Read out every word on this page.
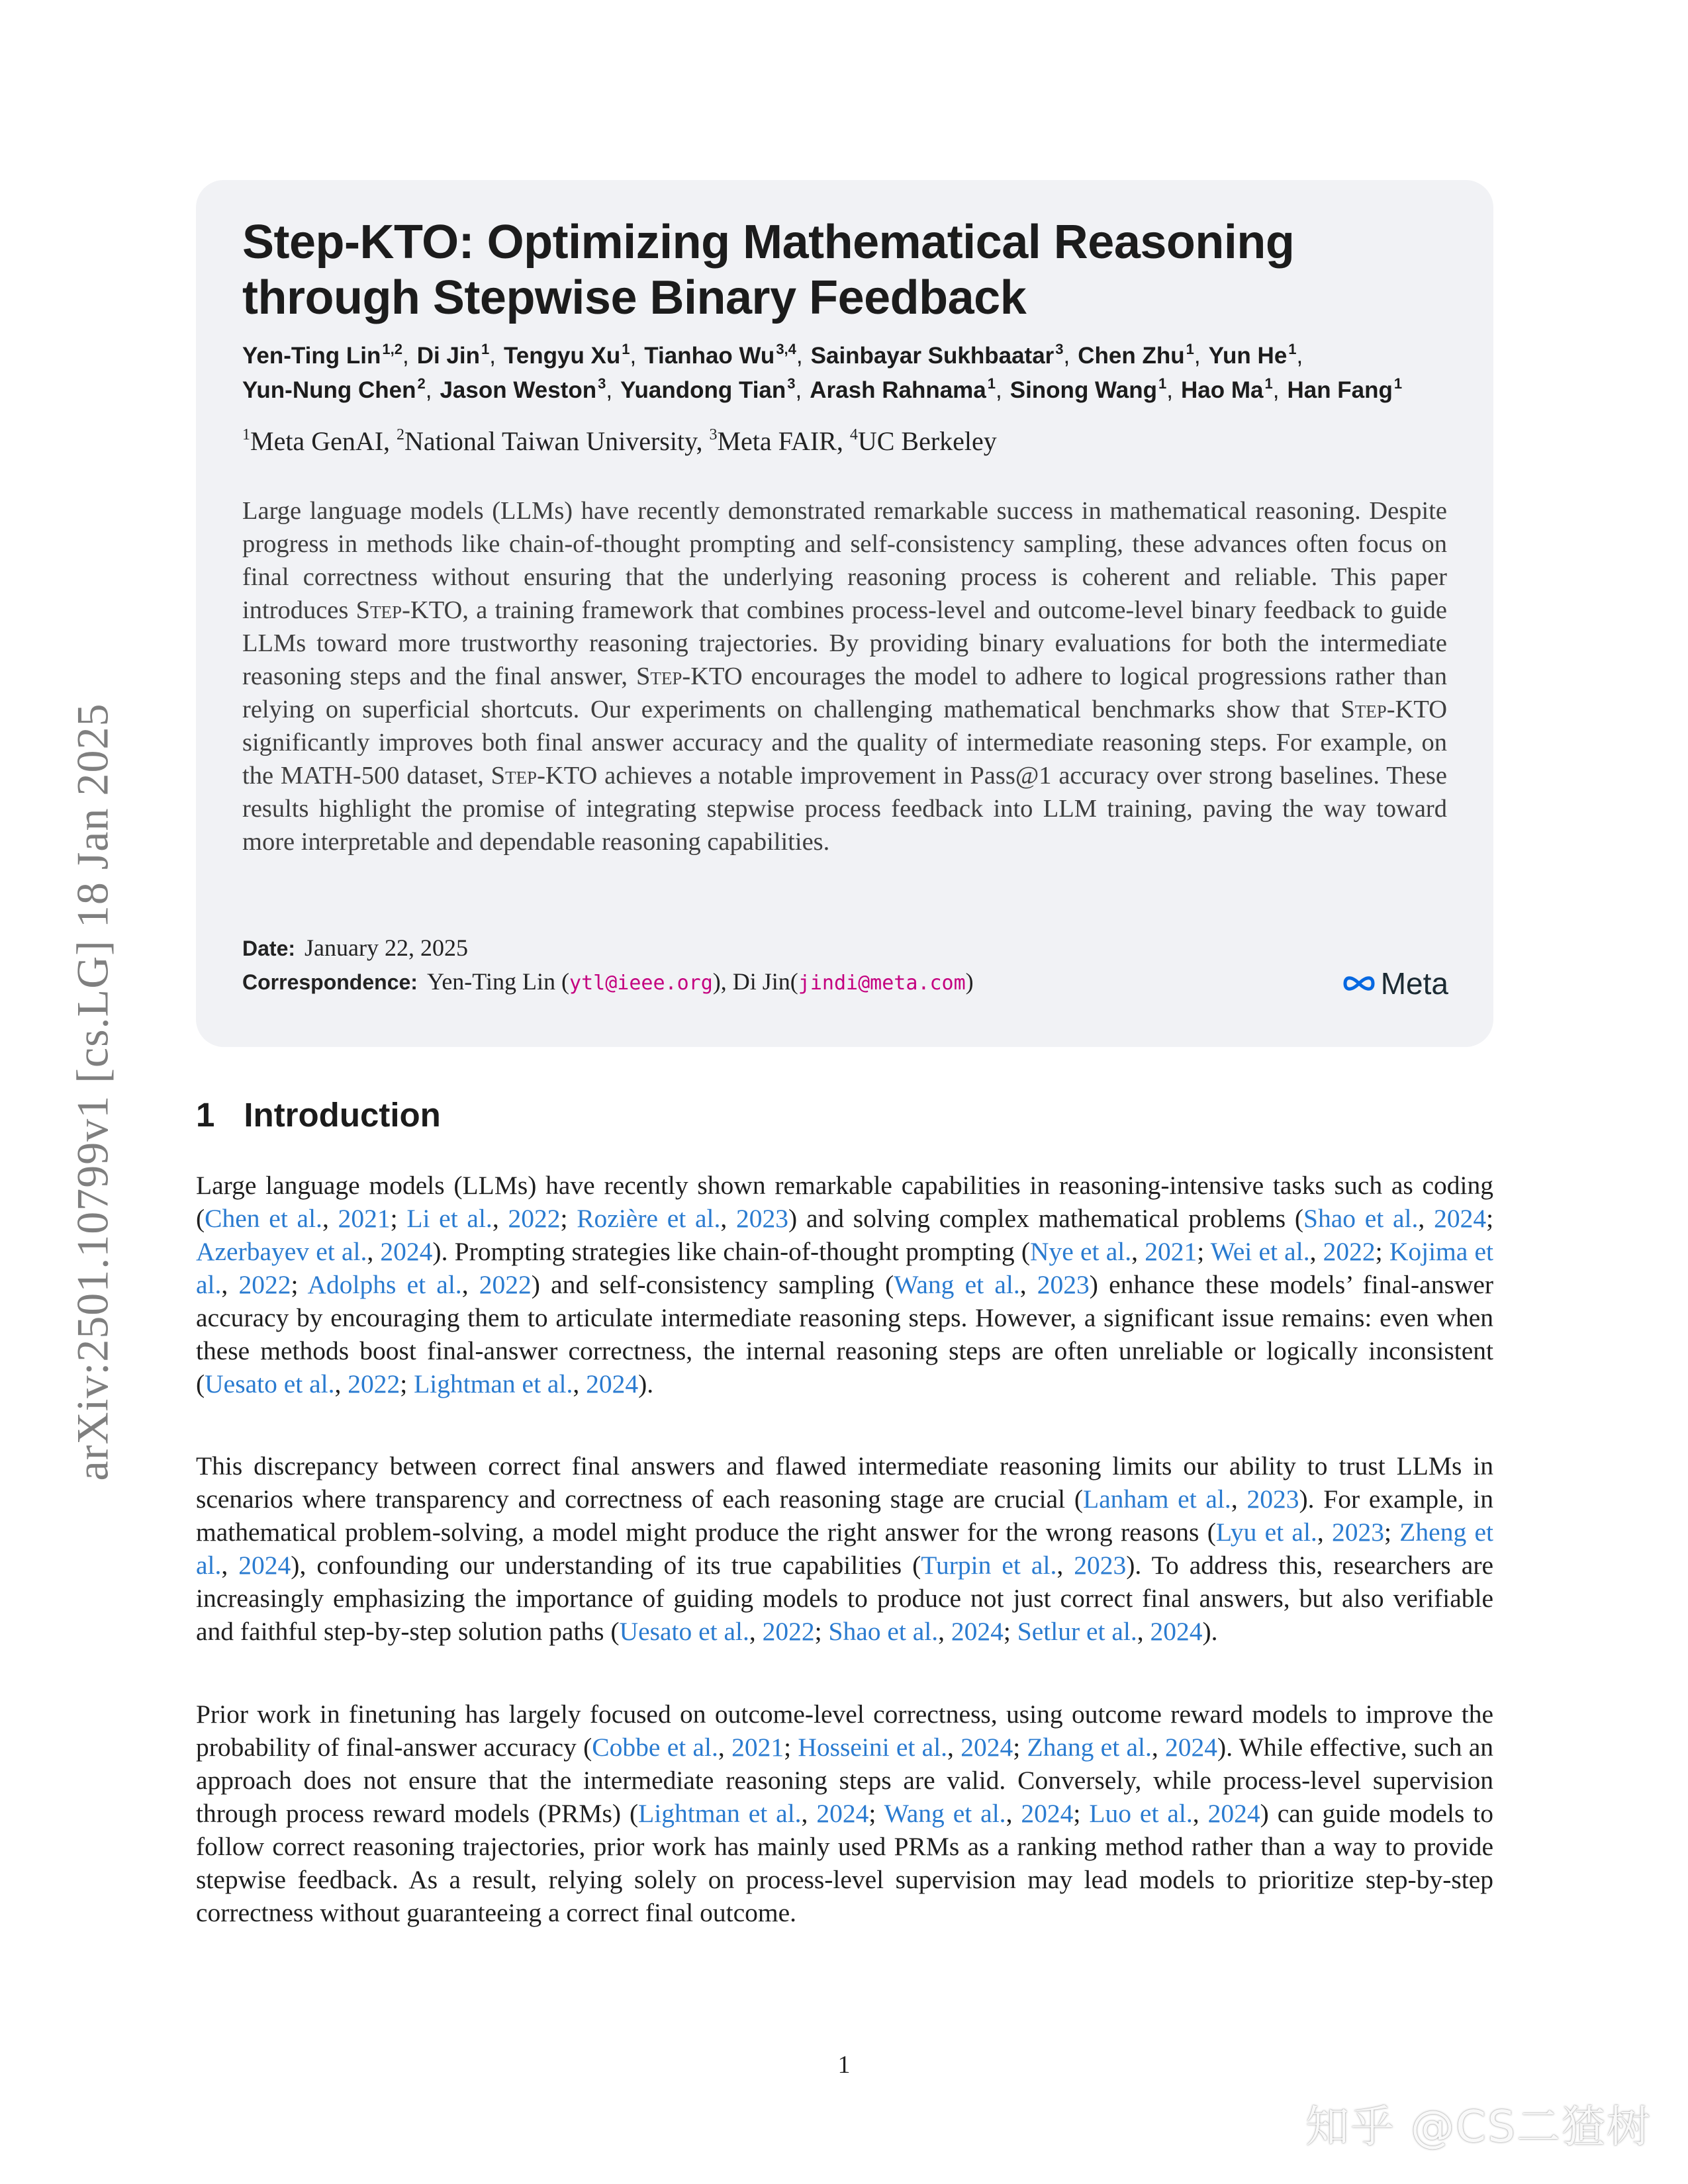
arXiv:2501.10799v1 [cs.LG] 18 Jan 2025
Step-KTO: Optimizing Mathematical Reasoning
through Stepwise Binary Feedback
Yen-Ting Lin$^{1,2}$, Di Jin$^1$, Tengyu Xu$^1$, Tianhao Wu$^{3,4}$, Sainbayar Sukhbaatar$^3$, Chen Zhu$^1$, Yun He$^1$,
Yun-Nung Chen$^2$, Jason Weston$^3$, Yuandong Tian$^3$, Arash Rahnama$^1$, Sinong Wang$^1$, Hao Ma$^1$, Han Fang$^1$
$^1$Meta GenAI, $^2$National Taiwan University, $^3$Meta FAIR, $^4$UC Berkeley

Large language models (LLMs) have recently demonstrated remarkable success in mathematical reasoning. Despite progress in methods like chain-of-thought prompting and self-consistency sampling, these advances often focus on final correctness without ensuring that the underlying reasoning process is coherent and reliable. This paper introduces Step-KTO, a training framework that combines process-level and outcome-level binary feedback to guide LLMs toward more trustworthy reasoning trajectories. By providing binary evaluations for both the intermediate reasoning steps and the final answer, Step-KTO encourages the model to adhere to logical progressions rather than relying on superficial shortcuts. Our experiments on challenging mathematical benchmarks show that Step-KTO significantly improves both final answer accuracy and the quality of intermediate reasoning steps. For example, on the MATH-500 dataset, Step-KTO achieves a notable improvement in Pass@1 accuracy over strong baselines. These results highlight the promise of integrating stepwise process feedback into LLM training, paving the way toward more interpretable and dependable reasoning capabilities.

Date: January 22, 2025
Correspondence: Yen-Ting Lin (ytl@ieee.org), Di Jin(jindi@meta.com)	Meta
1 Introduction

Large language models (LLMs) have recently shown remarkable capabilities in reasoning-intensive tasks such as coding (Chen et al., 2021; Li et al., 2022; Rozière et al., 2023) and solving complex mathematical problems (Shao et al., 2024; Azerbayev et al., 2024). Prompting strategies like chain-of-thought prompting (Nye et al., 2021; Wei et al., 2022; Kojima et al., 2022; Adolphs et al., 2022) and self-consistency sampling (Wang et al., 2023) enhance these models’ final-answer accuracy by encouraging them to articulate intermediate reasoning steps. However, a significant issue remains: even when these methods boost final-answer correctness, the internal reasoning steps are often unreliable or logically inconsistent (Uesato et al., 2022; Lightman et al., 2024).

This discrepancy between correct final answers and flawed intermediate reasoning limits our ability to trust LLMs in scenarios where transparency and correctness of each reasoning stage are crucial (Lanham et al., 2023). For example, in mathematical problem-solving, a model might produce the right answer for the wrong reasons (Lyu et al., 2023; Zheng et al., 2024), confounding our understanding of its true capabilities (Turpin et al., 2023). To address this, researchers are increasingly emphasizing the importance of guiding models to produce not just correct final answers, but also verifiable and faithful step-by-step solution paths (Uesato et al., 2022; Shao et al., 2024; Setlur et al., 2024).

Prior work in finetuning has largely focused on outcome-level correctness, using outcome reward models to improve the probability of final-answer accuracy (Cobbe et al., 2021; Hosseini et al., 2024; Zhang et al., 2024). While effective, such an approach does not ensure that the intermediate reasoning steps are valid. Conversely, while process-level supervision through process reward models (PRMs) (Lightman et al., 2024; Wang et al., 2024; Luo et al., 2024) can guide models to follow correct reasoning trajectories, prior work has mainly used PRMs as a ranking method rather than a way to provide stepwise feedback. As a result, relying solely on process-level supervision may lead models to prioritize step-by-step correctness without guaranteeing a correct final outcome.

1
知乎 @CS二猹树
